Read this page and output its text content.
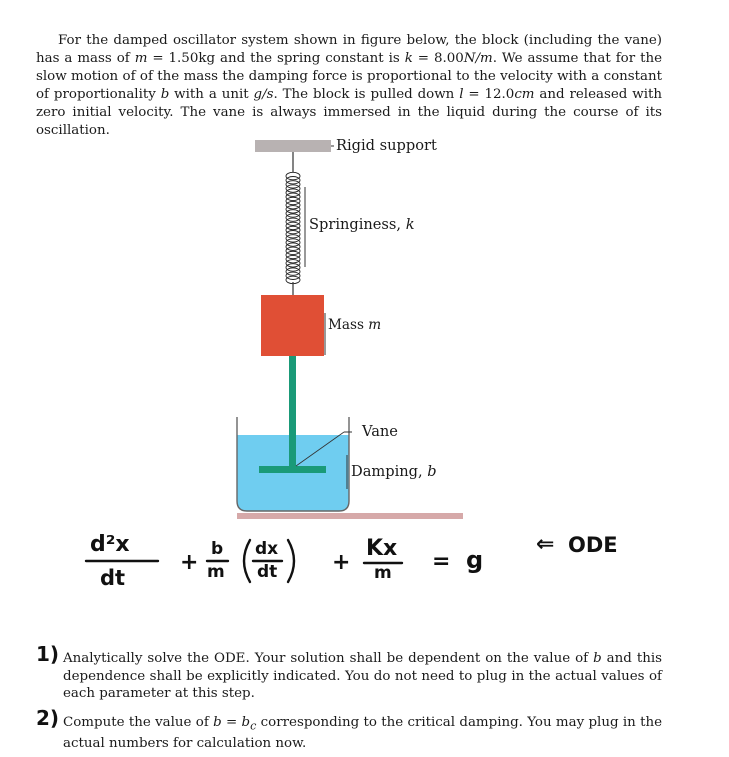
For the damped oscillator system shown in figure below, the block (including the vane) has a mass of m = 1.50kg and the spring constant is k = 8.00N/m. We assume that for the slow motion of of the mass the damping force is proportional to the velocity with a constant of proportionality b with a unit g/s. The block is pulled down l = 12.0cm and released with zero initial velocity. The vane is always immersed in the liquid during the course of its oscillation.

Rigid support
Springiness, k
Mass m
Vane
Damping, b
d²x
dt
+
b
m
dx
dt +
Kx
m = g
⇐ ODE
1) Analytically solve the ODE. Your solution shall be dependent on the value of b and this dependence shall be explicitly indicated. You do not need to plug in the actual values of each parameter at this step.
2) Compute the value of $b = b_c$ corresponding to the critical damping. You may plug in the actual numbers for calculation now.
